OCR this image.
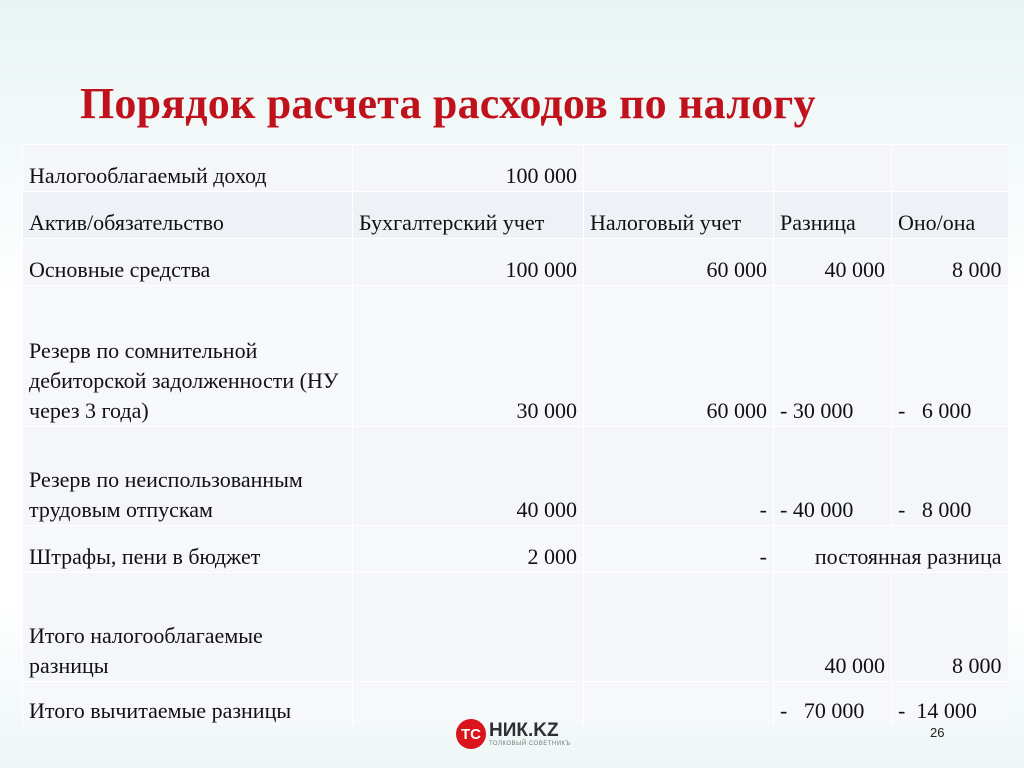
Порядок расчета расходов по налогу
Налогооблагаемый доход	100 000			
Актив/обязательство	Бухгалтерский учет	Налоговый учет	Разница	Оно/она
Основные средства	100 000	60 000	40 000	8 000
Резерв по сомнительной дебиторской задолженности (НУ через 3 года)	30 000	60 000	- 30 000	-   6 000
Резерв по неиспользованным трудовым отпускам	40 000	-	- 40 000	-   8 000
Штрафы, пени в бюджет	2 000	-	постоянная разница	
Итого налогооблагаемые разницы			40 000	8 000
Итого вычитаемые разницы			-   70 000	-  14 000
TC НИК.KZ
ТОЛКОВЫЙ СОВЕТНИКЪ
26
